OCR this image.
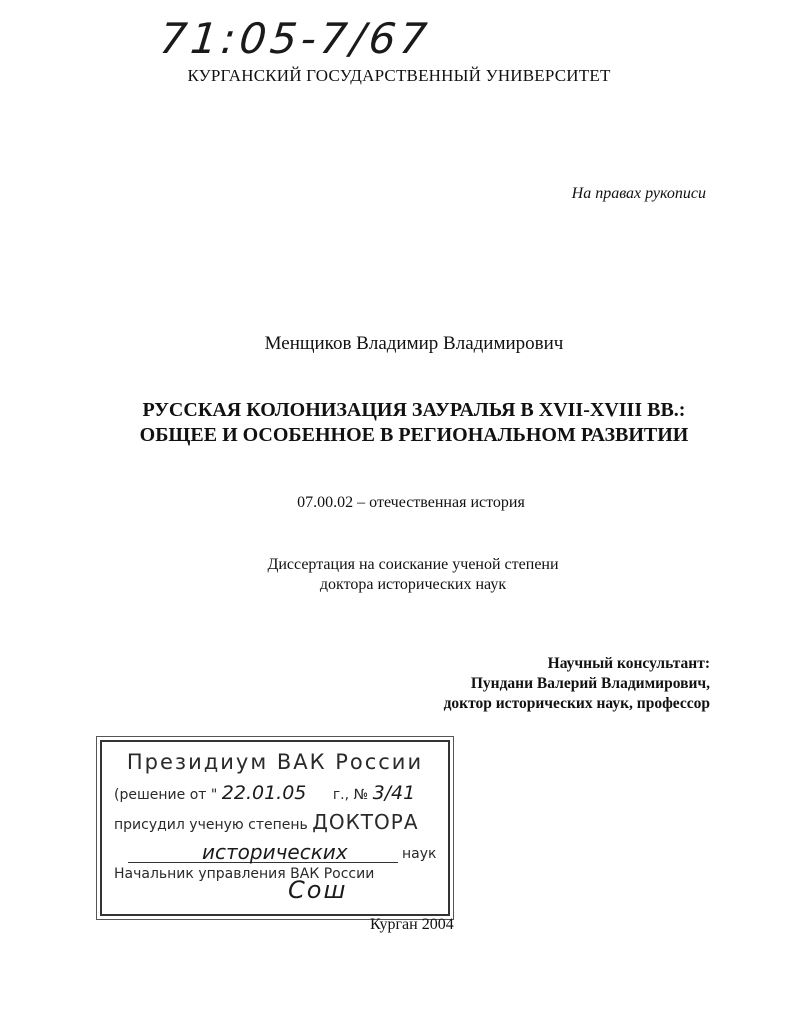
71:05-7/67
КУРГАНСКИЙ ГОСУДАРСТВЕННЫЙ УНИВЕРСИТЕТ
На правах рукописи
Менщиков Владимир Владимирович
РУССКАЯ КОЛОНИЗАЦИЯ ЗАУРАЛЬЯ В XVII-XVIII ВВ.:
ОБЩЕЕ И ОСОБЕННОЕ В РЕГИОНАЛЬНОМ РАЗВИТИИ
07.00.02 – отечественная история
Диссертация на соискание ученой степени
доктора исторических наук
Научный консультант:
Пундани Валерий Владимирович,
доктор исторических наук, профессор
Президиум ВАК России
(решение от " 22.01.05 г., № 3/41
присудил ученую степень ДОКТОРА
исторических	наук
Начальник управления ВАК России
Сош
Курган 2004
